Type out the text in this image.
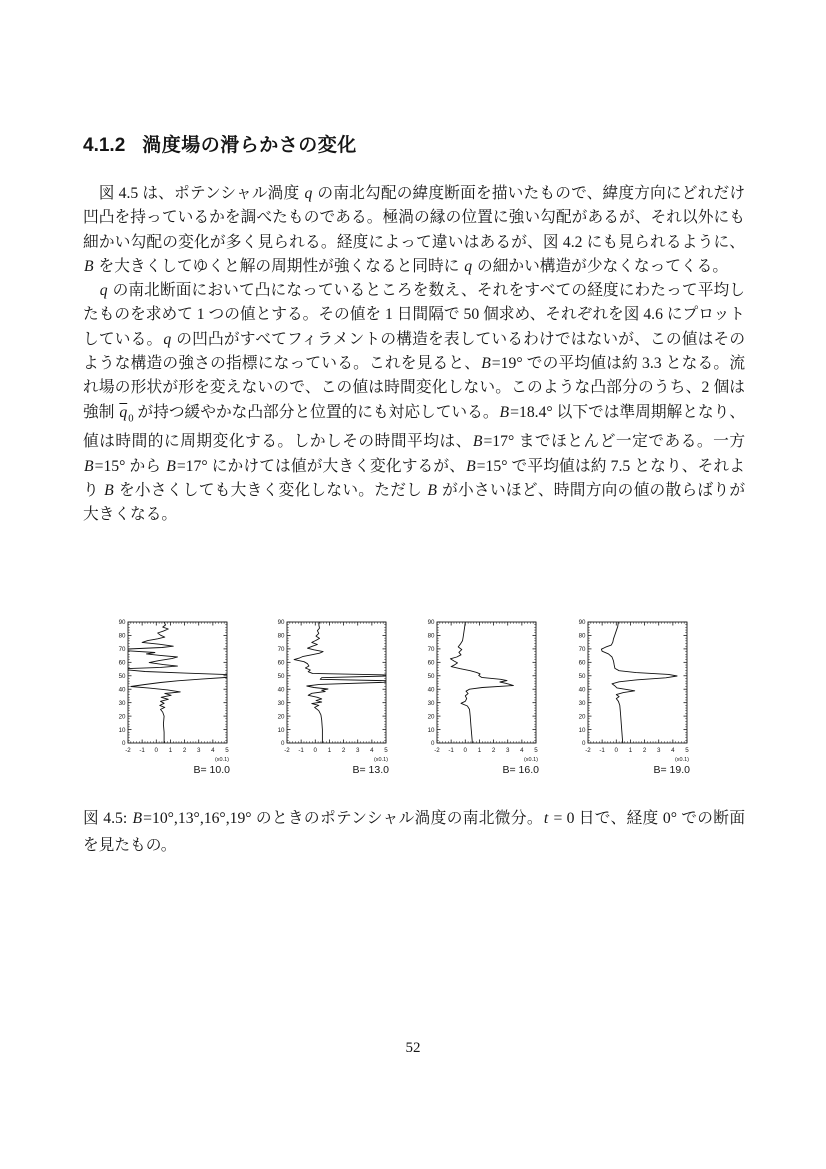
4.1.2 渦度場の滑らかさの変化

図 4.5 は、ポテンシャル渦度 q の南北勾配の緯度断面を描いたもので、緯度方向にどれだけ凹凸を持っているかを調べたものである。極渦の縁の位置に強い勾配があるが、それ以外にも細かい勾配の変化が多く見られる。経度によって違いはあるが、図 4.2 にも見られるように、B を大きくしてゆくと解の周期性が強くなると同時に q の細かい構造が少なくなってくる。

q の南北断面において凸になっているところを数え、それをすべての経度にわたって平均したものを求めて 1 つの値とする。その値を 1 日間隔で 50 個求め、それぞれを図 4.6 にプロットしている。q の凹凸がすべてフィラメントの構造を表しているわけではないが、この値はそのような構造の強さの指標になっている。これを見ると、B=19° での平均値は約 3.3 となる。流れ場の形状が形を変えないので、この値は時間変化しない。このような凸部分のうち、2 個は強制 $\overline{q}_0$ が持つ緩やかな凸部分と位置的にも対応している。B=18.4° 以下では準周期解となり、値は時間的に周期変化する。しかしその時間平均は、B=17° までほとんど一定である。一方 B=15° から B=17° にかけては値が大きく変化するが、B=15° で平均値は約 7.5 となり、それより B を小さくしても大きく変化しない。ただし B が小さいほど、時間方向の値の散らばりが大きくなる。

-2 -1 0 1 2 3 4 5
0
10
20
30
40
50
60
70
80
90
(x0.1)
B= 10.0
-2 -1 0 1 2 3 4 5
0
10
20
30
40
50
60
70
80
90
(x0.1)
B= 13.0
-2 -1 0 1 2 3 4 5
0
10
20
30
40
50
60
70
80
90
(x0.1)
B= 16.0
-2 -1 0 1 2 3 4 5
0
10
20
30
40
50
60
70
80
90
(x0.1)
B= 19.0
図 4.5: B=10°,13°,16°,19° のときのポテンシャル渦度の南北微分。t = 0 日で、経度 0° での断面を見たもの。
52
